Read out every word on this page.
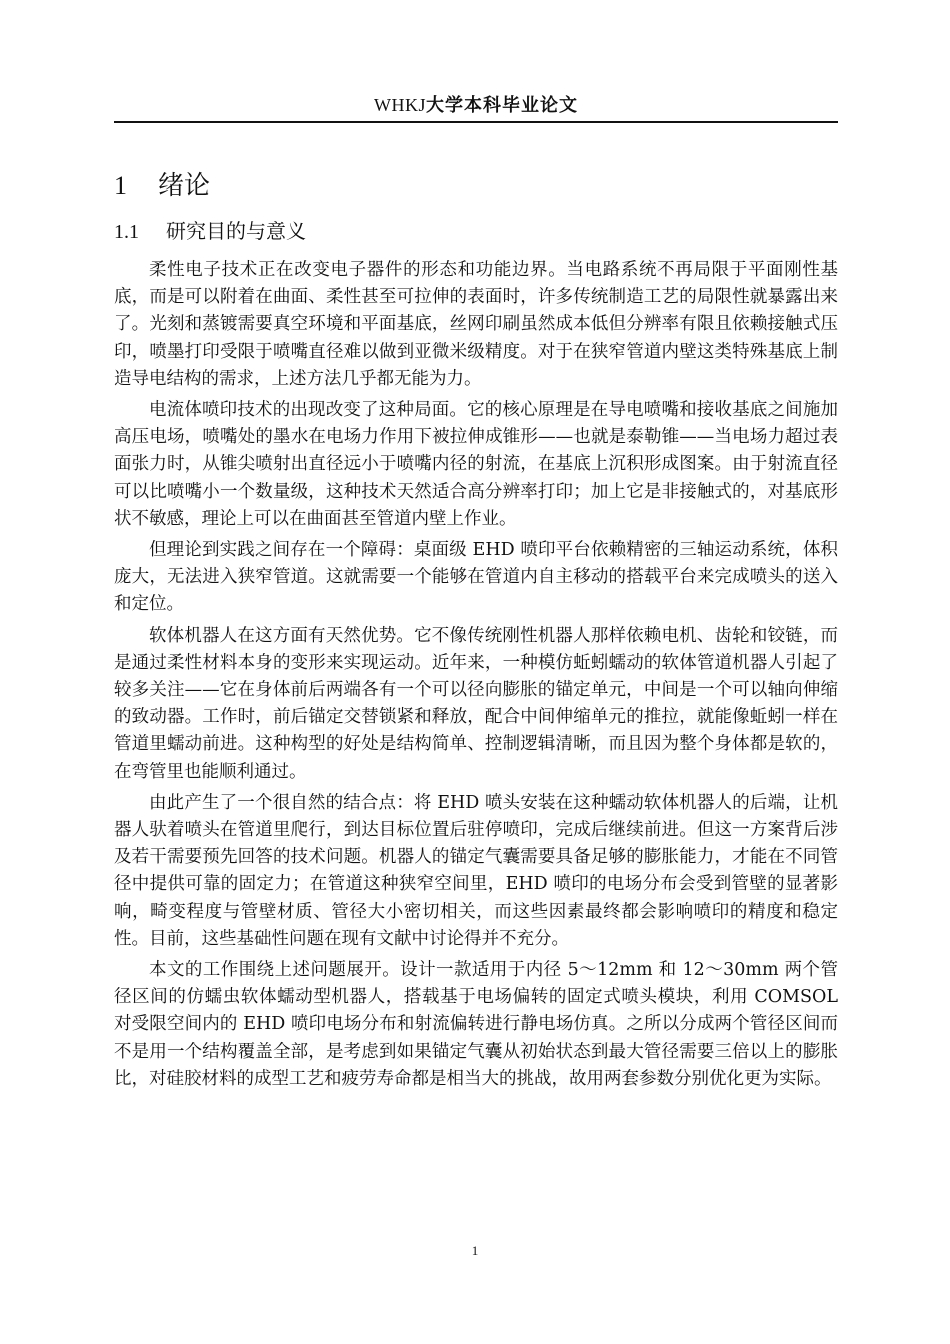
WHKJ大学本科毕业论文
1 绪论
1.1 研究目的与意义

柔性电子技术正在改变电子器件的形态和功能边界。当电路系统不再局限于平面刚性基底，而是可以附着在曲面、柔性甚至可拉伸的表面时，许多传统制造工艺的局限性就暴露出来了。光刻和蒸镀需要真空环境和平面基底，丝网印刷虽然成本低但分辨率有限且依赖接触式压印，喷墨打印受限于喷嘴直径难以做到亚微米级精度。对于在狭窄管道内壁这类特殊基底上制造导电结构的需求，上述方法几乎都无能为力。

电流体喷印技术的出现改变了这种局面。它的核心原理是在导电喷嘴和接收基底之间施加高压电场，喷嘴处的墨水在电场力作用下被拉伸成锥形——也就是泰勒锥——当电场力超过表面张力时，从锥尖喷射出直径远小于喷嘴内径的射流，在基底上沉积形成图案。由于射流直径可以比喷嘴小一个数量级，这种技术天然适合高分辨率打印；加上它是非接触式的，对基底形状不敏感，理论上可以在曲面甚至管道内壁上作业。

但理论到实践之间存在一个障碍：桌面级 EHD 喷印平台依赖精密的三轴运动系统，体积庞大，无法进入狭窄管道。这就需要一个能够在管道内自主移动的搭载平台来完成喷头的送入和定位。

软体机器人在这方面有天然优势。它不像传统刚性机器人那样依赖电机、齿轮和铰链，而是通过柔性材料本身的变形来实现运动。近年来，一种模仿蚯蚓蠕动的软体管道机器人引起了较多关注——它在身体前后两端各有一个可以径向膨胀的锚定单元，中间是一个可以轴向伸缩的致动器。工作时，前后锚定交替锁紧和释放，配合中间伸缩单元的推拉，就能像蚯蚓一样在管道里蠕动前进。这种构型的好处是结构简单、控制逻辑清晰，而且因为整个身体都是软的，在弯管里也能顺利通过。

由此产生了一个很自然的结合点：将 EHD 喷头安装在这种蠕动软体机器人的后端，让机器人驮着喷头在管道里爬行，到达目标位置后驻停喷印，完成后继续前进。但这一方案背后涉及若干需要预先回答的技术问题。机器人的锚定气囊需要具备足够的膨胀能力，才能在不同管径中提供可靠的固定力；在管道这种狭窄空间里，EHD 喷印的电场分布会受到管壁的显著影响，畸变程度与管壁材质、管径大小密切相关，而这些因素最终都会影响喷印的精度和稳定性。目前，这些基础性问题在现有文献中讨论得并不充分。

本文的工作围绕上述问题展开。设计一款适用于内径 5～12mm 和 12～30mm 两个管径区间的仿蠕虫软体蠕动型机器人，搭载基于电场偏转的固定式喷头模块，利用 COMSOL 对受限空间内的 EHD 喷印电场分布和射流偏转进行静电场仿真。之所以分成两个管径区间而不是用一个结构覆盖全部，是考虑到如果锚定气囊从初始状态到最大管径需要三倍以上的膨胀比，对硅胶材料的成型工艺和疲劳寿命都是相当大的挑战，故用两套参数分别优化更为实际。

1
